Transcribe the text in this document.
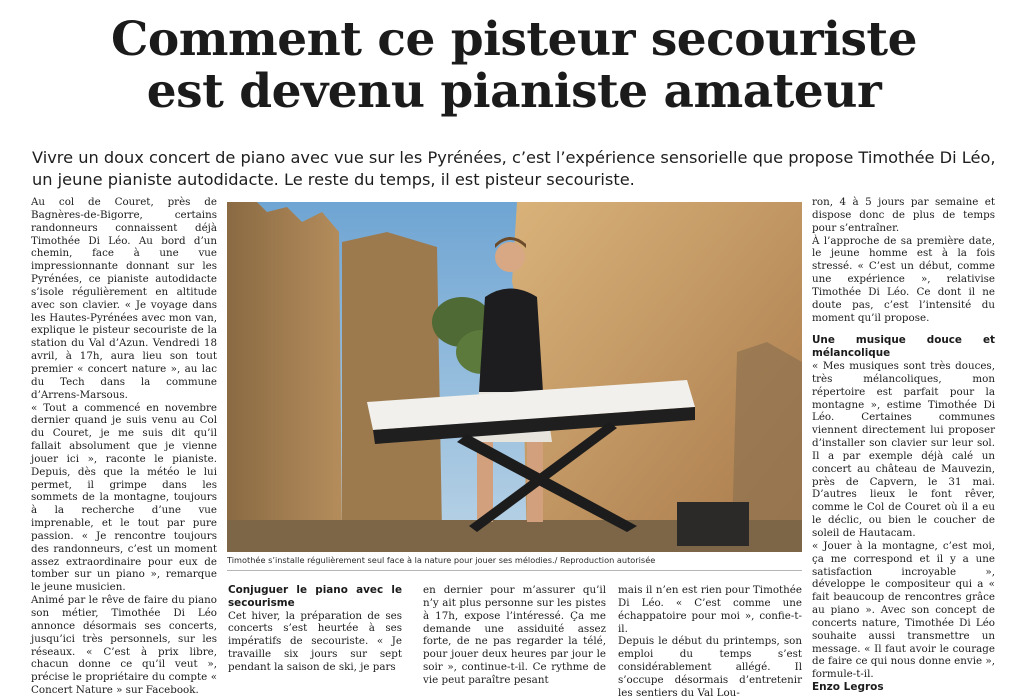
Comment ce pisteur secouriste
est devenu pianiste amateur

Vivre un doux concert de piano avec vue sur les Pyrénées, c’est l’expérience sensorielle que propose Timothée Di Léo, un jeune pianiste autodidacte. Le reste du temps, il est pisteur secouriste.

Au col de Couret, près de Bagnères-de-Bigorre, certains randonneurs connaissent déjà Timothée Di Léo. Au bord d’un chemin, face à une vue impressionnante donnant sur les Pyrénées, ce pianiste autodidacte s’isole régulièrement en altitude avec son clavier. « Je voyage dans les Hautes-Pyrénées avec mon van, explique le pisteur secouriste de la station du Val d’Azun. Vendredi 18 avril, à 17h, aura lieu son tout premier « concert nature », au lac du Tech dans la commune d’Arrens-Marsous.

« Tout a commencé en novembre dernier quand je suis venu au Col du Couret, je me suis dit qu’il fallait absolument que je vienne jouer ici », raconte le pianiste. Depuis, dès que la météo le lui permet, il grimpe dans les sommets de la montagne, toujours à la recherche d’une vue imprenable, et le tout par pure passion. « Je rencontre toujours des randonneurs, c’est un moment assez extraordinaire pour eux de tomber sur un piano », remarque le jeune musicien.

Animé par le rêve de faire du piano son métier, Timothée Di Léo annonce désormais ses concerts, jusqu’ici très personnels, sur les réseaux. « C’est à prix libre, chacun donne ce qu’il veut », précise le propriétaire du compte « Concert Nature » sur Facebook.

Timothée s’installe régulièrement seul face à la nature pour jouer ses mélodies./ Reproduction autorisée

Conjuguer le piano avec le secourisme

Cet hiver, la préparation de ses concerts s’est heurtée à ses impératifs de secouriste. « Je travaille six jours sur sept pendant la saison de ski, je pars

en dernier pour m’assurer qu’il n’y ait plus personne sur les pistes à 17h, expose l’intéressé. Ça me demande une assiduité assez forte, de ne pas regarder la télé, pour jouer deux heures par jour le soir », continue-t-il. Ce rythme de vie peut paraître pesant

mais il n’en est rien pour Timothée Di Léo. « C’est comme une échappatoire pour moi », confie-t-il.

Depuis le début du printemps, son emploi du temps s’est considérablement allégé. Il s’occupe désormais d’entretenir les sentiers du Val Lou-

ron, 4 à 5 jours par semaine et dispose donc de plus de temps pour s’entraîner.

À l’approche de sa première date, le jeune homme est à la fois stressé. « C’est un début, comme une expérience », relativise Timothée Di Léo. Ce dont il ne doute pas, c’est l’intensité du moment qu’il propose.

Une musique douce et mélancolique

« Mes musiques sont très douces, très mélancoliques, mon répertoire est parfait pour la montagne », estime Timothée Di Léo. Certaines communes viennent directement lui proposer d’installer son clavier sur leur sol. Il a par exemple déjà calé un concert au château de Mauvezin, près de Capvern, le 31 mai. D’autres lieux le font rêver, comme le Col de Couret où il a eu le déclic, ou bien le coucher de soleil de Hautacam.

« Jouer à la montagne, c’est moi, ça me correspond et il y a une satisfaction incroyable », développe le compositeur qui a « fait beaucoup de rencontres grâce au piano ». Avec son concept de concerts nature, Timothée Di Léo souhaite aussi transmettre un message. « Il faut avoir le courage de faire ce qui nous donne envie », formule-t-il.

Enzo Legros
